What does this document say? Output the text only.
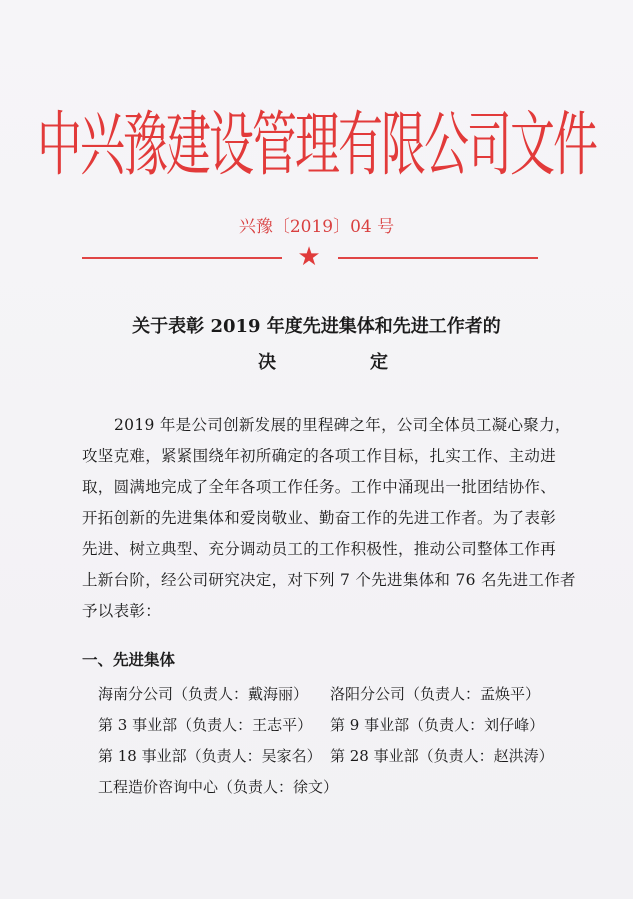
中兴豫建设管理有限公司文件
兴豫〔2019〕04 号
★
关于表彰 2019 年度先进集体和先进工作者的
决	定
2019 年是公司创新发展的里程碑之年，公司全体员工凝心聚力，
攻坚克难，紧紧围绕年初所确定的各项工作目标，扎实工作、主动进
取，圆满地完成了全年各项工作任务。工作中涌现出一批团结协作、
开拓创新的先进集体和爱岗敬业、勤奋工作的先进工作者。为了表彰
先进、树立典型、充分调动员工的工作积极性，推动公司整体工作再
上新台阶，经公司研究决定，对下列 7 个先进集体和 76 名先进工作者
予以表彰：
一、先进集体
海南分公司（负责人：戴海丽）	洛阳分公司（负责人：孟焕平）
第 3 事业部（负责人：王志平）	第 9 事业部（负责人：刘仔峰）
第 18 事业部（负责人：吴家名） 第 28 事业部（负责人：赵洪涛）
工程造价咨询中心（负责人：徐文）
